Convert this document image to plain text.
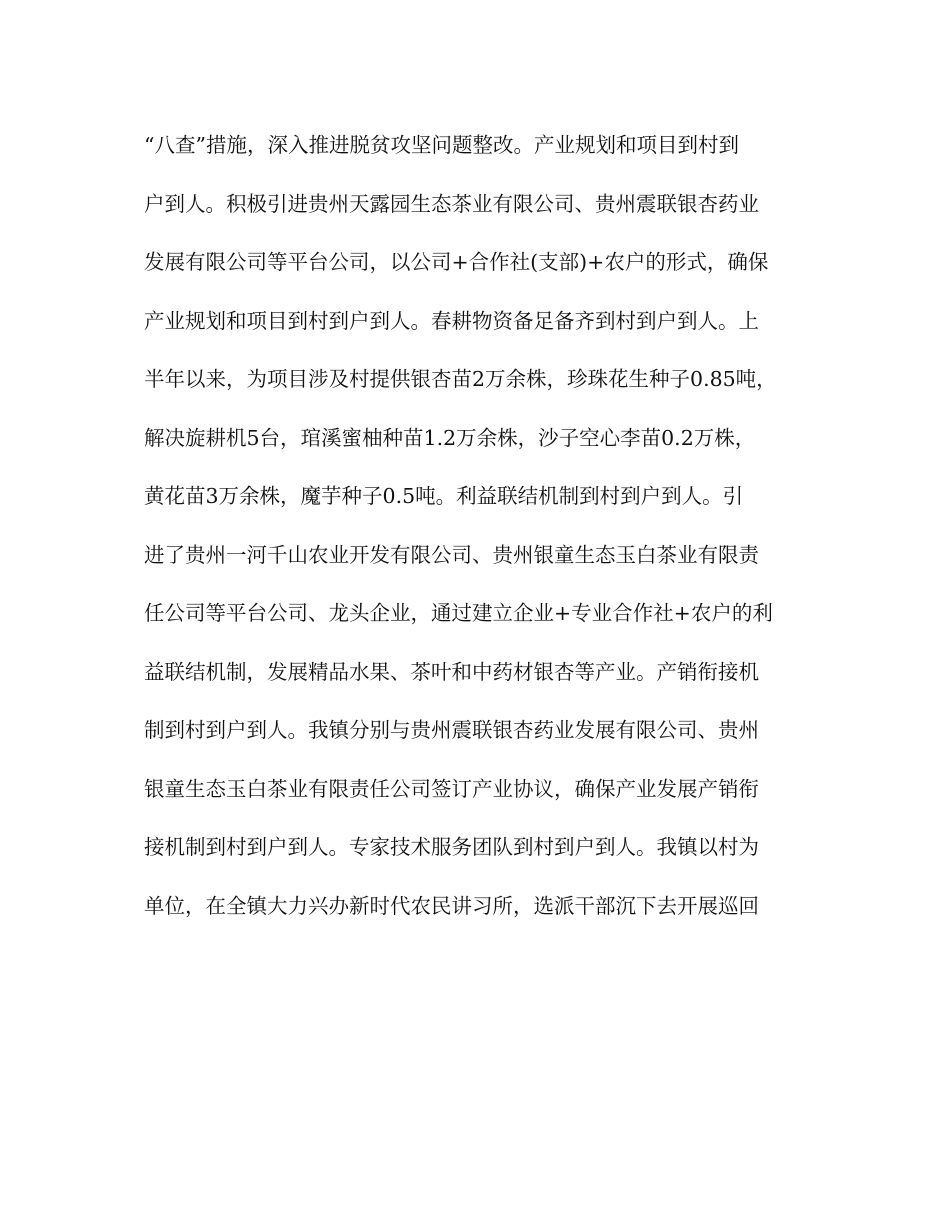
“八查”措施，深入推进脱贫攻坚问题整改。产业规划和项目到村到
户到人。积极引进贵州天露园生态茶业有限公司、贵州震联银杏药业
发展有限公司等平台公司，以公司+合作社(支部)+农户的形式，确保
产业规划和项目到村到户到人。春耕物资备足备齐到村到户到人。上
半年以来，为项目涉及村提供银杏苗2万余株，珍珠花生种子0.85吨，
解决旋耕机5台，琯溪蜜柚种苗1.2万余株，沙子空心李苗0.2万株，
黄花苗3万余株，魔芋种子0.5吨。利益联结机制到村到户到人。引
进了贵州一河千山农业开发有限公司、贵州银童生态玉白茶业有限责
任公司等平台公司、龙头企业，通过建立企业+专业合作社+农户的利
益联结机制，发展精品水果、茶叶和中药材银杏等产业。产销衔接机
制到村到户到人。我镇分别与贵州震联银杏药业发展有限公司、贵州
银童生态玉白茶业有限责任公司签订产业协议，确保产业发展产销衔
接机制到村到户到人。专家技术服务团队到村到户到人。我镇以村为
单位，在全镇大力兴办新时代农民讲习所，选派干部沉下去开展巡回
